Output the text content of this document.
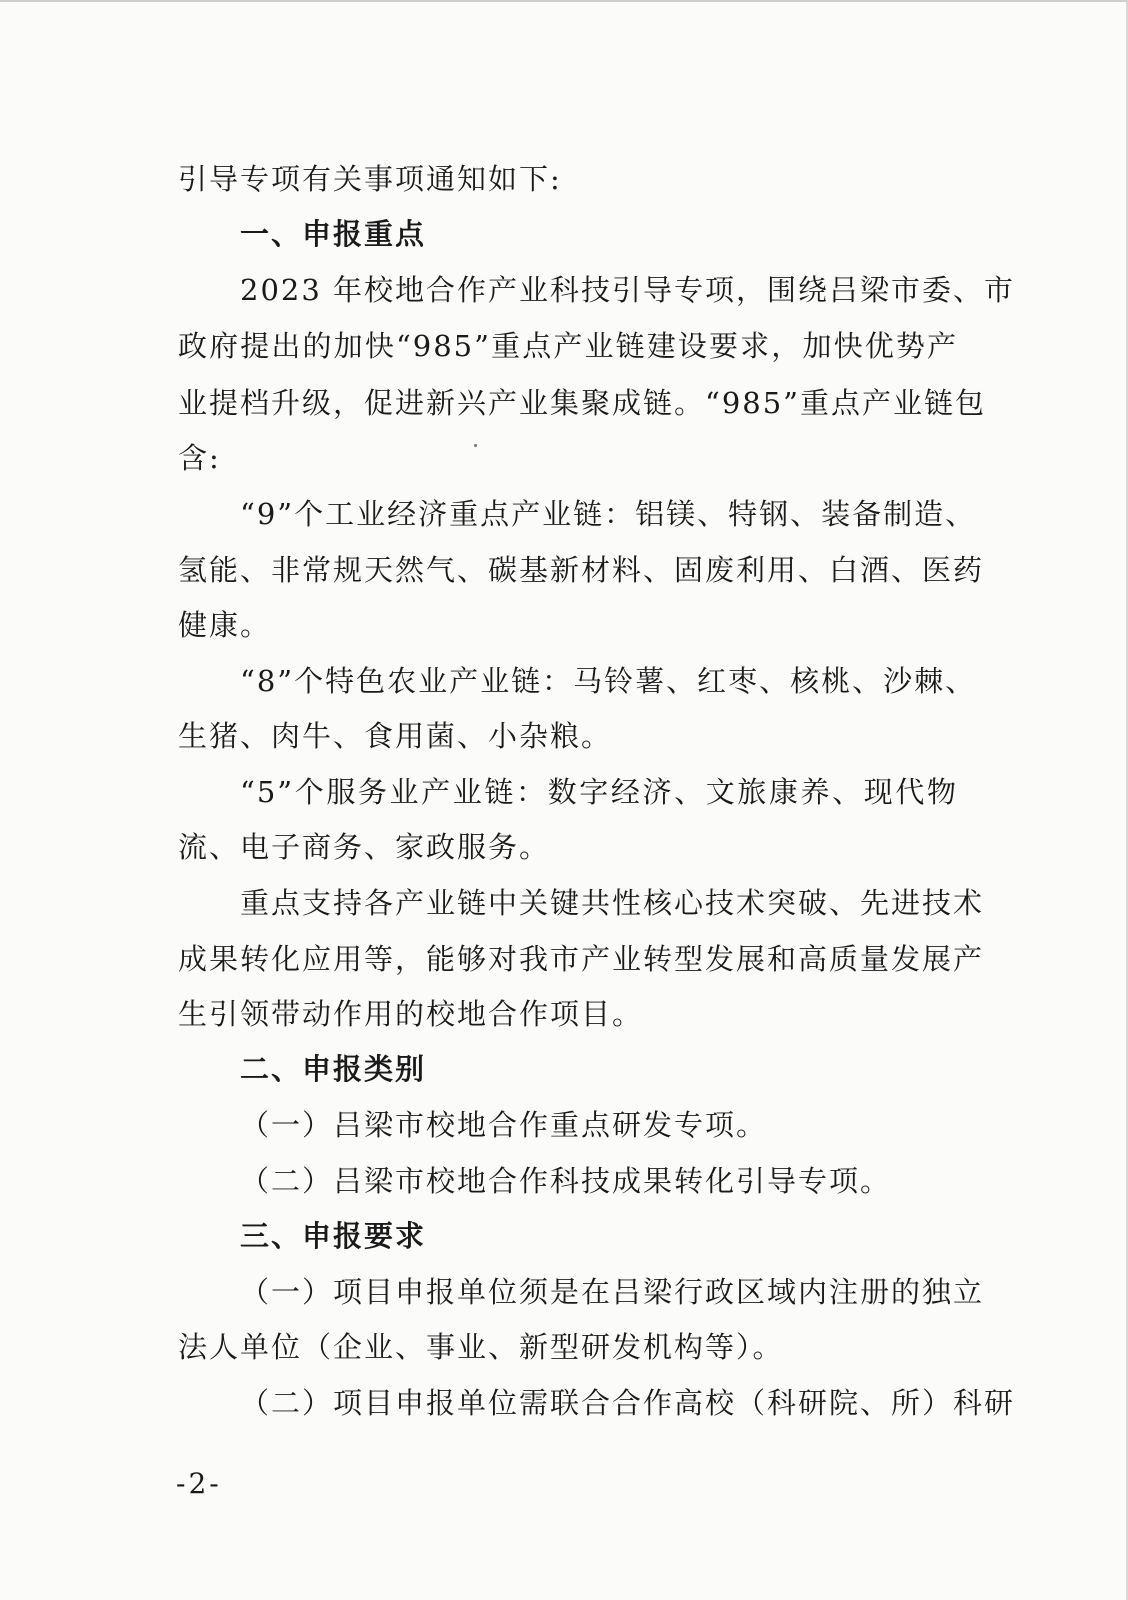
引导专项有关事项通知如下:
一、申报重点
2023 年校地合作产业科技引导专项，围绕吕梁市委、市
政府提出的加快“985”重点产业链建设要求，加快优势产
业提档升级，促进新兴产业集聚成链。“985”重点产业链包
含:
“9”个工业经济重点产业链：铝镁、特钢、装备制造、
氢能、非常规天然气、碳基新材料、固废利用、白酒、医药
健康。
“8”个特色农业产业链：马铃薯、红枣、核桃、沙棘、
生猪、肉牛、食用菌、小杂粮。
“5”个服务业产业链：数字经济、文旅康养、现代物
流、电子商务、家政服务。
重点支持各产业链中关键共性核心技术突破、先进技术
成果转化应用等，能够对我市产业转型发展和高质量发展产
生引领带动作用的校地合作项目。
二、申报类别
（一）吕梁市校地合作重点研发专项。
（二）吕梁市校地合作科技成果转化引导专项。
三、申报要求
（一）项目申报单位须是在吕梁行政区域内注册的独立
法人单位（企业、事业、新型研发机构等）。
（二）项目申报单位需联合合作高校（科研院、所）科研
-2-
